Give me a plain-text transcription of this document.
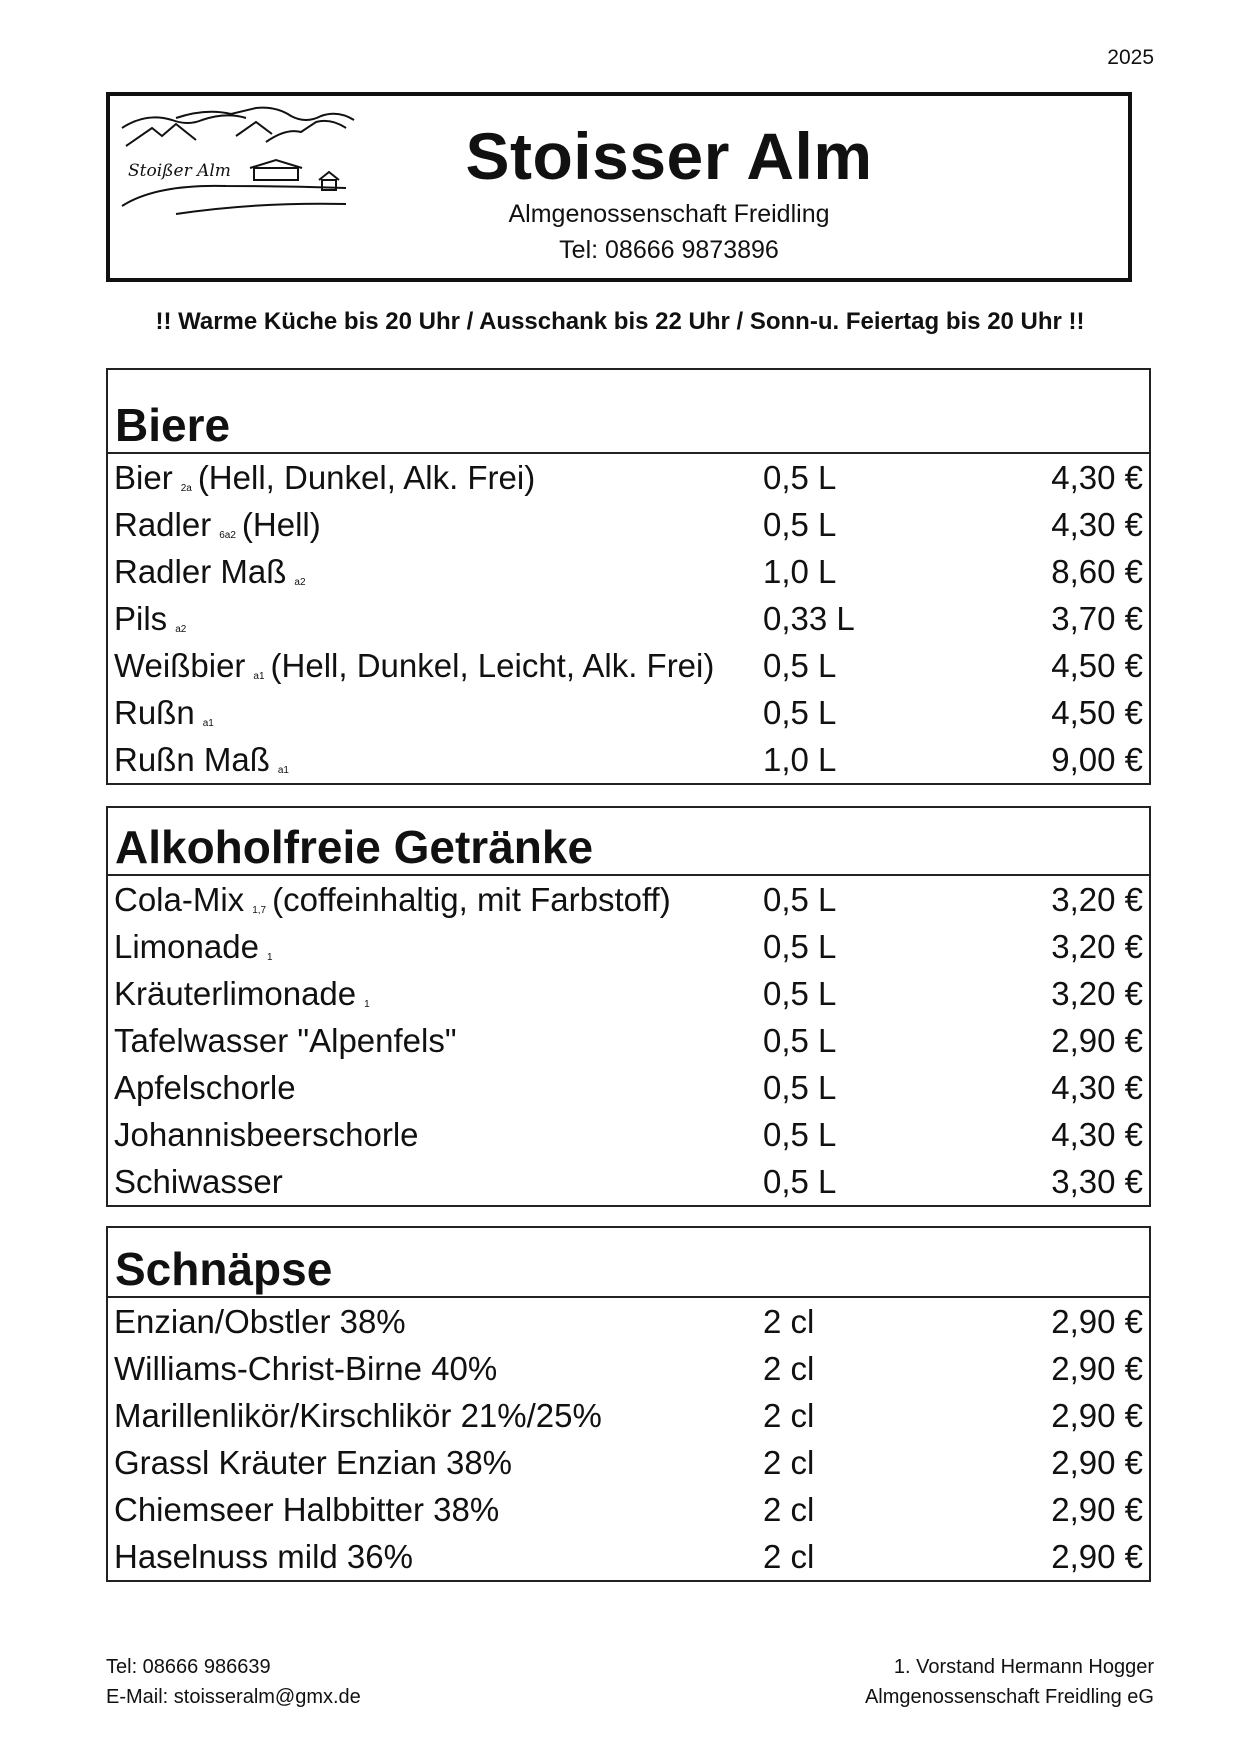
2025
Stoißer Alm	Stoisser Alm
Almgenossenschaft Freidling
Tel: 08666 9873896
!! Warme Küche bis 20 Uhr / Ausschank bis 22 Uhr / Sonn-u. Feiertag bis 20 Uhr !!
Biere
Bier $_{2a}$ (Hell, Dunkel, Alk. Frei)	0,5 L	4,30 €
Radler $_{6a2}$ (Hell)	0,5 L	4,30 €
Radler Maß $_{a2}$	1,0 L	8,60 €
Pils $_{a2}$	0,33 L	3,70 €
Weißbier $_{a1}$ (Hell, Dunkel, Leicht, Alk. Frei)	0,5 L	4,50 €
Rußn $_{a1}$	0,5 L	4,50 €
Rußn Maß $_{a1}$	1,0 L	9,00 €
Alkoholfreie Getränke
Cola-Mix $_{1,7}$ (coffeinhaltig, mit Farbstoff)	0,5 L	3,20 €
Limonade $_1$	0,5 L	3,20 €
Kräuterlimonade $_1$	0,5 L	3,20 €
Tafelwasser "Alpenfels"	0,5 L	2,90 €
Apfelschorle	0,5 L	4,30 €
Johannisbeerschorle	0,5 L	4,30 €
Schiwasser	0,5 L	3,30 €
Schnäpse
Enzian/Obstler 38%	2 cl	2,90 €
Williams-Christ-Birne 40%	2 cl	2,90 €
Marillenlikör/Kirschlikör 21%/25%	2 cl	2,90 €
Grassl Kräuter Enzian 38%	2 cl	2,90 €
Chiemseer Halbbitter 38%	2 cl	2,90 €
Haselnuss mild 36%	2 cl	2,90 €
Tel: 08666 986639
E-Mail: stoisseralm@gmx.de
1. Vorstand Hermann Hogger
Almgenossenschaft Freidling eG
